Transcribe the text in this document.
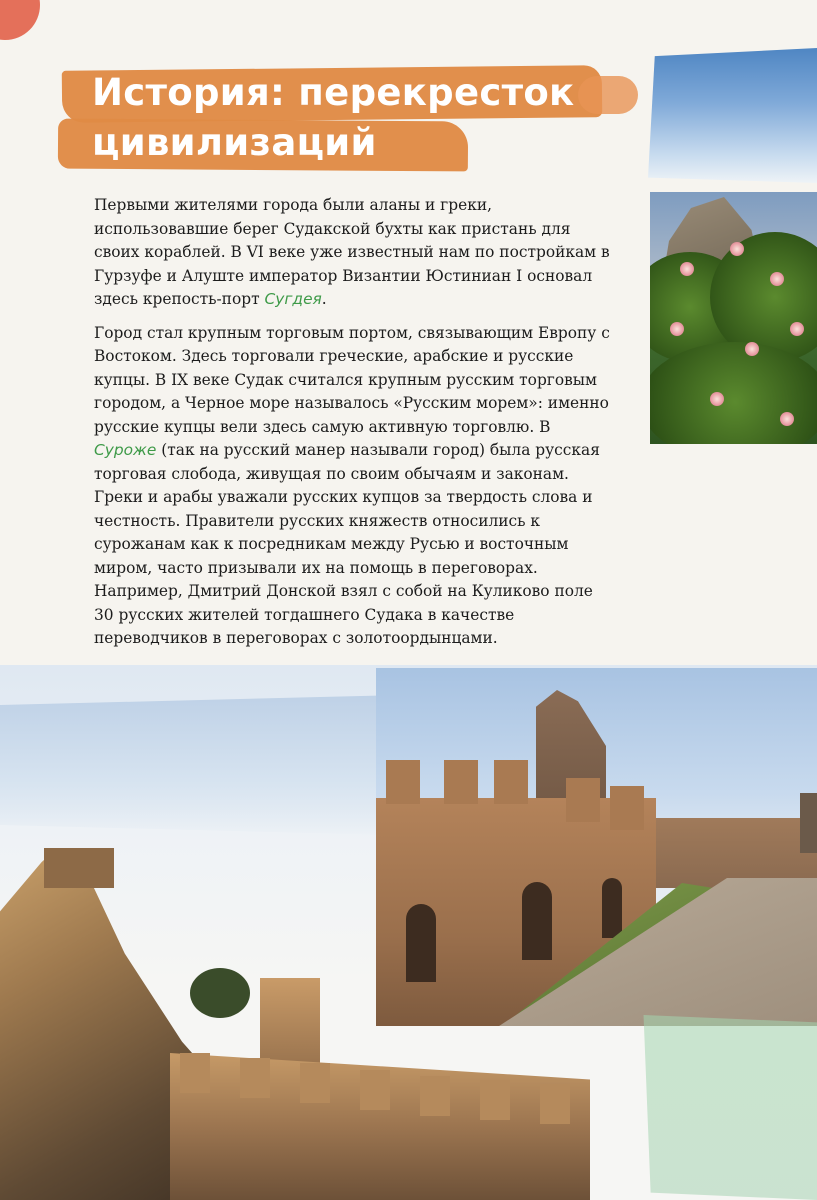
История: перекресток
цивилизаций

Первыми жителями города были аланы и греки, использовавшие берег Судакской бухты как пристань для своих кораблей. В VI веке уже известный нам по постройкам в Гурзуфе и Алуште император Византии Юстиниан I основал здесь крепость-порт Сугдея.

Город стал крупным торговым портом, связывающим Европу с Востоком. Здесь торговали греческие, арабские и русские купцы. В IX веке Судак считался крупным русским торговым городом, а Черное море называлось «Русским морем»: именно русские купцы вели здесь самую активную торговлю. В Суроже (так на русский манер называли город) была русская торговая слобода, живущая по своим обычаям и законам. Греки и арабы уважали русских купцов за твердость слова и честность. Правители русских княжеств относились к сурожанам как к посредникам между Русью и восточным миром, часто призывали их на помощь в переговорах. Например, Дмитрий Донской взял с собой на Куликово поле 30 русских жителей тогдашнего Судака в качестве переводчиков в переговорах с золотоордынцами.
